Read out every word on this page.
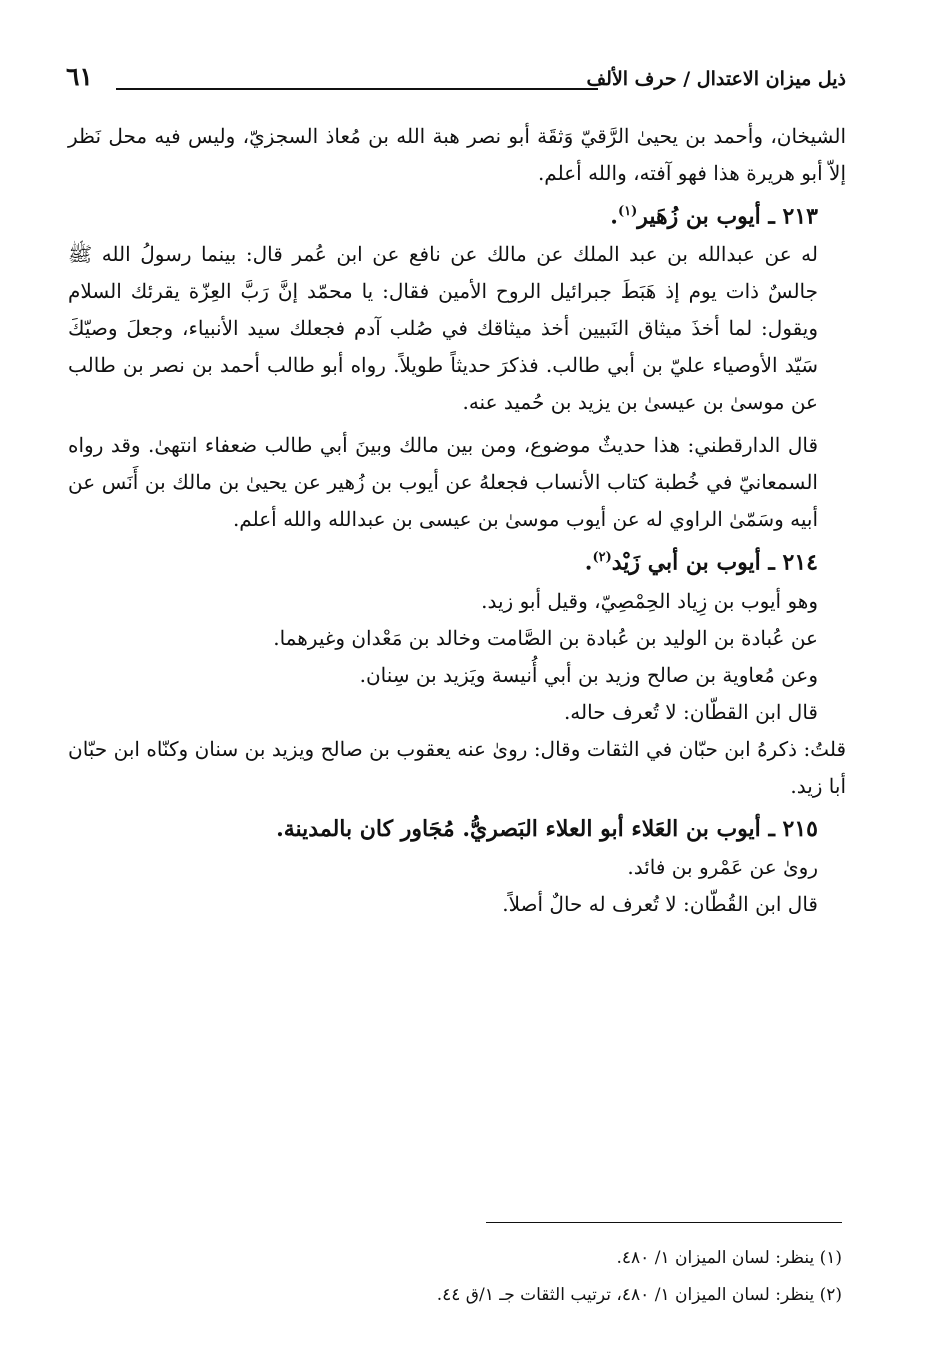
ذيل ميزان الاعتدال / حرف الألف
٦١

الشيخان، وأحمد بن يحيىٰ الرَّقيّ وَثقَة أبو نصر هبة الله بن مُعاذ السجزيّ، وليس فيه محل نَظر إلاّ أبو هريرة هذا فهو آفته، والله أعلم.

٢١٣ ـ أيوب بن زُهَير$^{(١)}$.

له عن عبدالله بن عبد الملك عن مالك عن نافع عن ابن عُمر قال: بينما رسولُ الله ﷺ جالسٌ ذات يوم إذ هَبَطَ جبرائيل الروح الأمين فقال: يا محمّد إنَّ رَبَّ العِزّة يقرئك السلام ويقول: لما أخذَ ميثاق النَبيين أخذ ميثاقك في صُلب آدم فجعلك سيد الأنبياء، وجعلَ وصيّكَ سَيّد الأوصياء عليّ بن أبي طالب. فذكرَ حديثاً طويلاً. رواه أبو طالب أحمد بن نصر بن طالب عن موسىٰ بن عيسىٰ بن يزيد بن حُميد عنه.

قال الدارقطني: هذا حديثٌ موضوع، ومن بين مالك وبينَ أبي طالب ضعفاء انتهىٰ. وقد رواه السمعانيّ في خُطبة كتاب الأنساب فجعلهُ عن أيوب بن زُهير عن يحيىٰ بن مالك بن أَنَس عن أبيه وسَمّىٰ الراوي له عن أيوب موسىٰ بن عيسى بن عبدالله والله أعلم.

٢١٤ ـ أيوب بن أبي زَيْد$^{(٢)}$.

وهو أيوب بن زِياد الحِمْصِيّ، وقيل أبو زيد.

عن عُبادة بن الوليد بن عُبادة بن الصَّامت وخالد بن مَعْدان وغيرهما.

وعن مُعاوية بن صالح وزيد بن أبي أُنيسة ويَزيد بن سِنان.

قال ابن القطّان: لا تُعرف حاله.

قلتُ: ذكرهُ ابن حبّان في الثقات وقال: روىٰ عنه يعقوب بن صالح ويزيد بن سنان وكنّاه ابن حبّان أبا زيد.

٢١٥ ـ أيوب بن العَلاء أبو العلاء البَصريُّ. مُجَاور كان بالمدينة.

روىٰ عن عَمْرو بن فائد.

قال ابن القُطّان: لا تُعرف له حالٌ أصلاً.

(١) ينظر: لسان الميزان ١/ ٤٨٠.
(٢) ينظر: لسان الميزان ١/ ٤٨٠، ترتيب الثقات جـ ١/ق ٤٤.
